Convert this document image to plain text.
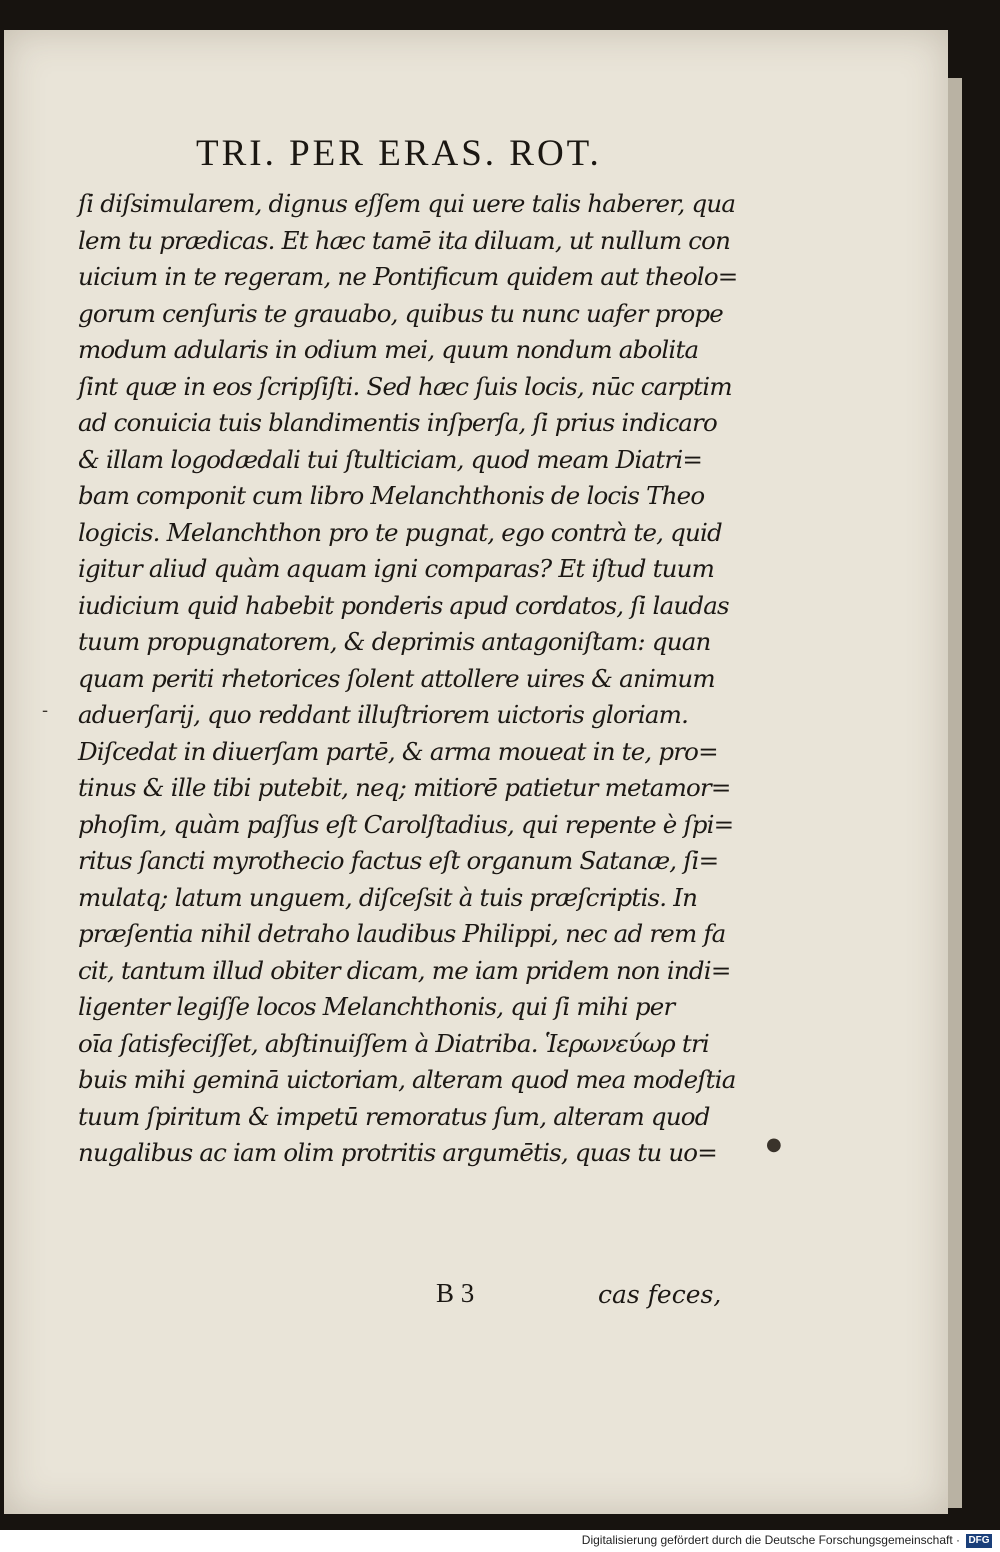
TRI. PER ERAS. ROT.
ſi diſsimularem, dignus eſſem qui uere talis haberer, qua
lem tu prædicas. Et hæc tamē ita diluam, ut nullum con
uicium in te regeram, ne Pontificum quidem aut theolo=
gorum cenſuris te grauabo, quibus tu nunc uafer prope
modum adularis in odium mei, quum nondum abolita
ſint quæ in eos ſcripſiſti. Sed hæc ſuis locis, nūc carptim
ad conuicia tuis blandimentis inſperſa, ſi prius indicaro
& illam logodædali tui ſtulticiam, quod meam Diatri=
bam componit cum libro Melanchthonis de locis Theo
logicis. Melanchthon pro te pugnat, ego contrà te, quid
igitur aliud quàm aquam igni comparas? Et iſtud tuum
iudicium quid habebit ponderis apud cordatos, ſi laudas
tuum propugnatorem, & deprimis antagoniſtam: quan
quam periti rhetorices ſolent attollere uires & animum
aduerſarij, quo reddant illuſtriorem uictoris gloriam.
Diſcedat in diuerſam partē, & arma moueat in te, pro=
tinus & ille tibi putebit, neq; mitiorē patietur metamor=
phoſim, quàm paſſus eſt Carolſtadius, qui repente è ſpi=
ritus ſancti myrothecio factus eſt organum Satanæ, ſi=
mulatq; latum unguem, diſceſsit à tuis præſcriptis. In
præſentia nihil detraho laudibus Philippi, nec ad rem fa
cit, tantum illud obiter dicam, me iam pridem non indi=
ligenter legiſſe locos Melanchthonis, qui ſi mihi per
oīa ſatisfeciſſet, abſtinuiſſem à Diatriba. Ἱερωνεύωρ tri
buis mihi geminā uictoriam, alteram quod mea modeſtia
tuum ſpiritum & impetū remoratus ſum, alteram quod
nugalibus ac iam olim protritis argumētis, quas tu uo=
B 3	cas feces,
-
●
Digitalisierung gefördert durch die Deutsche Forschungsgemeinschaft · DFG
